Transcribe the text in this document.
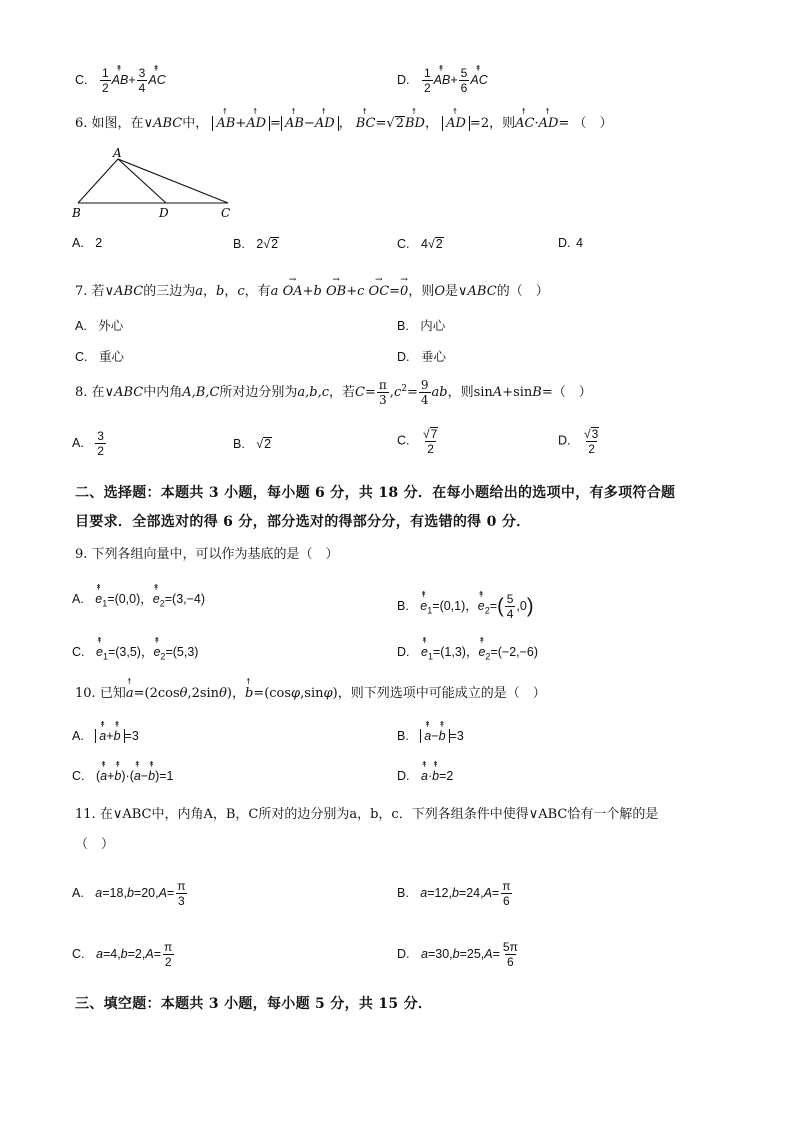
C. $\frac{1}{2}$ ↟ $AB+ \frac{3}{4}$ ↟ AC	D. $\frac{1}{2}$ ↟ $AB+ \frac{5}{6}$ ↟ AC
6. 如图，在∨ABC中， ↟ AB+↟ AD = ↟ AB−↟ AD ， ↟ BC=√2↟ BD， ↟ AD =2，则↟ AC·↟ AD= （　）
A
B	D	C
A. 2	B. 2√2	C. 4√2	D. 4
7. 若∨ABC的三边为a，b，c，有a → OA+b → OB+c → OC=→ 0，则O是∨ABC的（　）
A. 外心	B. 内心
C. 重心	D. 垂心
8. 在∨ABC中内角A,B,C所对边分别为a,b,c，若$C= \frac{\pi}{3} ,c^2= \frac{9}{4}$ ab，则sinA+sinB=（　）
A. $\frac{3}{2}$	B. √2	C. $\frac{√7}{2}$	D. $\frac{√3}{2}$
二、选择题：本题共 3 小题，每小题 6 分，共 18 分．在每小题给出的选项中，有多项符合题
目要求．全部选对的得 6 分，部分选对的得部分分，有选错的得 0 分．
9. 下列各组向量中，可以作为基底的是（　）
A. ↟ $e_1=(0,0)$，↟ $e_2=(3,-4)$	B. ↟ $e_1=(0,1)$，↟ $e_2=( \frac{5}{4} ,0)$
C. ↟ $e_1=(3,5)$，↟ $e_2=(5,3)$	D. ↟ $e_1=(1,3)$，↟ $e_2=(-2,-6)$
10. 已知↟ a=(2cosθ,2sinθ)，↟ b=(cosφ,sinφ)，则下列选项中可能成立的是（　）
A. ↟ a+↟ b =3	B. ↟ a−↟ b =3
C. (↟ a+↟ b)·(↟ a−↟ b)=1	D. ↟ a·↟ b=2
11. 在∨ABC中，内角A，B，C所对的边分别为a，b，c．下列各组条件中使得∨ABC恰有一个解的是
（　）
A. $a=18,b=20,A= \frac{\pi}{3}$	B. $a=12,b=24,A= \frac{\pi}{6}$
C. $a=4,b=2,A= \frac{\pi}{2}$	D. $a=30,b=25,A= \frac{5\pi}{6}$
三、填空题：本题共 3 小题，每小题 5 分，共 15 分．
